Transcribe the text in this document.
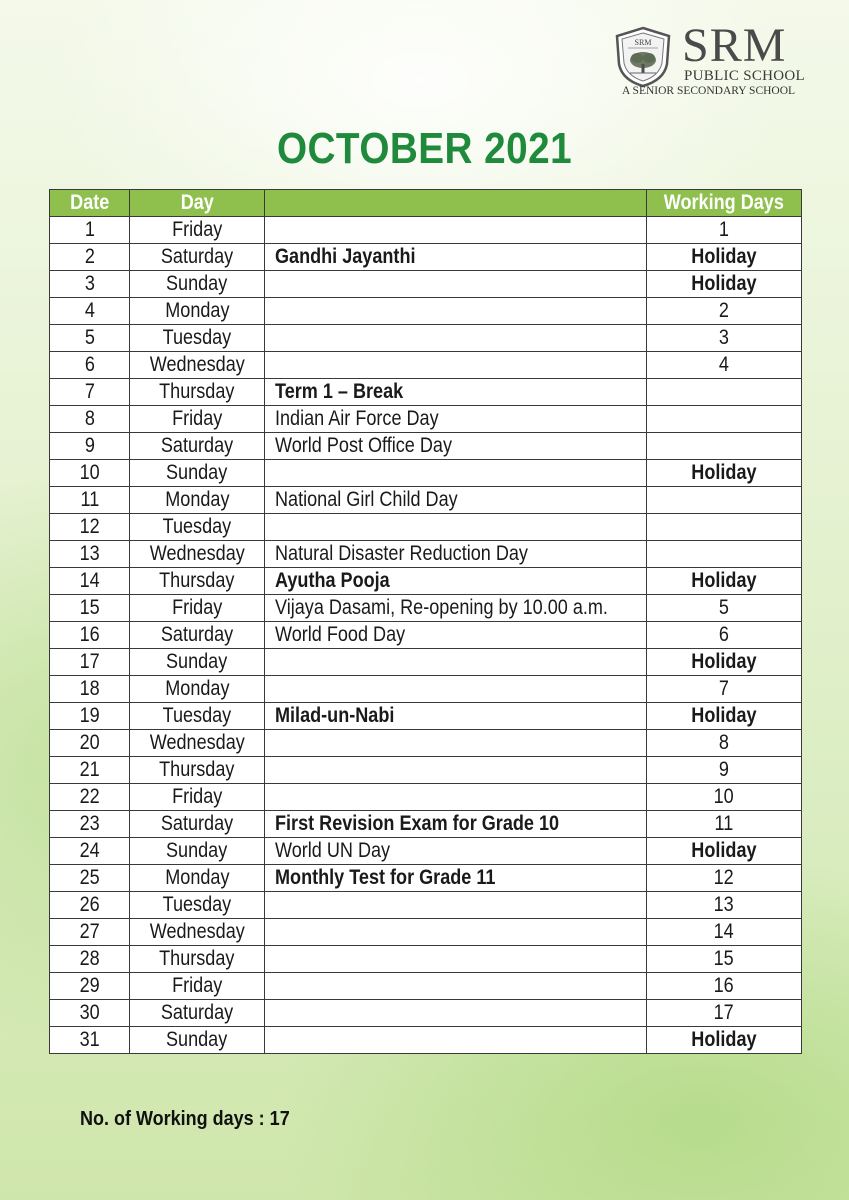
SRM SRM
PUBLIC SCHOOL
A SENIOR SECONDARY SCHOOL
OCTOBER 2021
Date	Day		Working Days
1	Friday		1
2	Saturday	Gandhi Jayanthi	Holiday
3	Sunday		Holiday
4	Monday		2
5	Tuesday		3
6	Wednesday		4
7	Thursday	Term 1 – Break	
8	Friday	Indian Air Force Day	
9	Saturday	World Post Office Day	
10	Sunday		Holiday
11	Monday	National Girl Child Day	
12	Tuesday		
13	Wednesday	Natural Disaster Reduction Day	
14	Thursday	Ayutha Pooja	Holiday
15	Friday	Vijaya Dasami, Re-opening by 10.00 a.m.	5
16	Saturday	World Food Day	6
17	Sunday		Holiday
18	Monday		7
19	Tuesday	Milad-un-Nabi	Holiday
20	Wednesday		8
21	Thursday		9
22	Friday		10
23	Saturday	First Revision Exam for Grade 10	11
24	Sunday	World UN Day	Holiday
25	Monday	Monthly Test for Grade 11	12
26	Tuesday		13
27	Wednesday		14
28	Thursday		15
29	Friday		16
30	Saturday		17
31	Sunday		Holiday
No. of Working days : 17
